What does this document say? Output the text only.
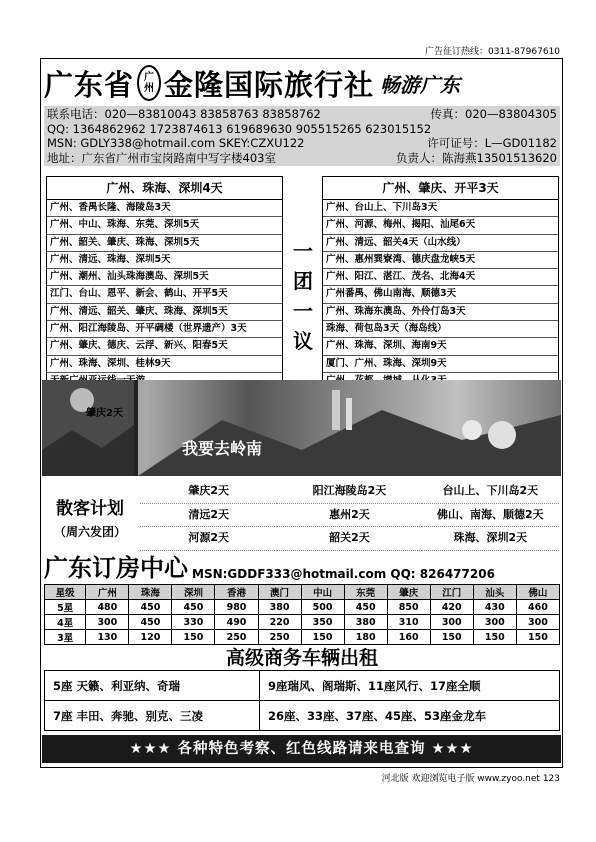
广告征订热线：0311-87967610
广东省 广
州 金隆国际旅行社 畅游广东
联系电话：020—83810043 83858763 83858762	传真：020—83804305
QQ: 1364862962 1723874613 619689630 905515265 623015152
MSN: GDLY338@hotmail.com SKEY:CZXU122	许可证号：L—GD01182
地址：广东省广州市宝岗路南中写字楼403室	负责人：陈海燕13501513620
广州、珠海、深圳4天
广州、香禺长隆、海陵岛3天
广州、中山、珠海、东莞、深圳5天
广州、韶关、肇庆、珠海、深圳5天
广州、清远、珠海、深圳5天
广州、潮州、汕头珠海澳岛、深圳5天
江门、台山、恩平、新会、鹤山、开平5天
广州、清远、韶关、肇庆、珠海、深圳5天
广州、阳江海陵岛、开平碉楼（世界遗产）3天
广州、肇庆、德庆、云浮、新兴、阳春5天
广州、珠海、深圳、桂林9天
广州、肇庆、开平3天
广州、台山上、下川岛3天
广州、河源、梅州、揭阳、汕尾6天
广州、清远、韶关4天（山水线）
广州、惠州巽寮湾、德庆盘龙峡5天
广州、阳江、湛江、茂名、北海4天
广州番禺、佛山南海、顺德3天
广州、珠海东澳岛、外伶仃岛3天
珠海、荷包岛3天（海岛线）
广州、珠海、深圳、海南9天
厦门、广州、珠海、深圳9天
一
团
一
议
肇庆2天
我要去岭南
散客计划
（周六发团）
肇庆2天	阳江海陵岛2天	台山上、下川岛2天
清远2天	惠州2天	佛山、南海、顺德2天
河源2天	韶关2天	珠海、深圳2天
广东订房中心 MSN:GDDF333@hotmail.com QQ: 826477206
星级	广州	珠海	深圳	香港	澳门	中山	东莞	肇庆	江门	汕头	佛山
5星	480	450	450	980	380	500	450	850	420	430	460
4星	300	450	330	490	220	350	380	310	300	300	300
3星	130	120	150	250	250	150	180	160	150	150	150
高级商务车辆出租
5座 天籁、利亚纳、奇瑞	9座瑞风、阁瑞斯、11座风行、17座全顺
7座 丰田、奔驰、别克、三凌	26座、33座、37座、45座、53座金龙车
★★★ 各种特色考察、红色线路请来电查询 ★★★
河北版 欢迎浏览电子版 www.zyoo.net 123
